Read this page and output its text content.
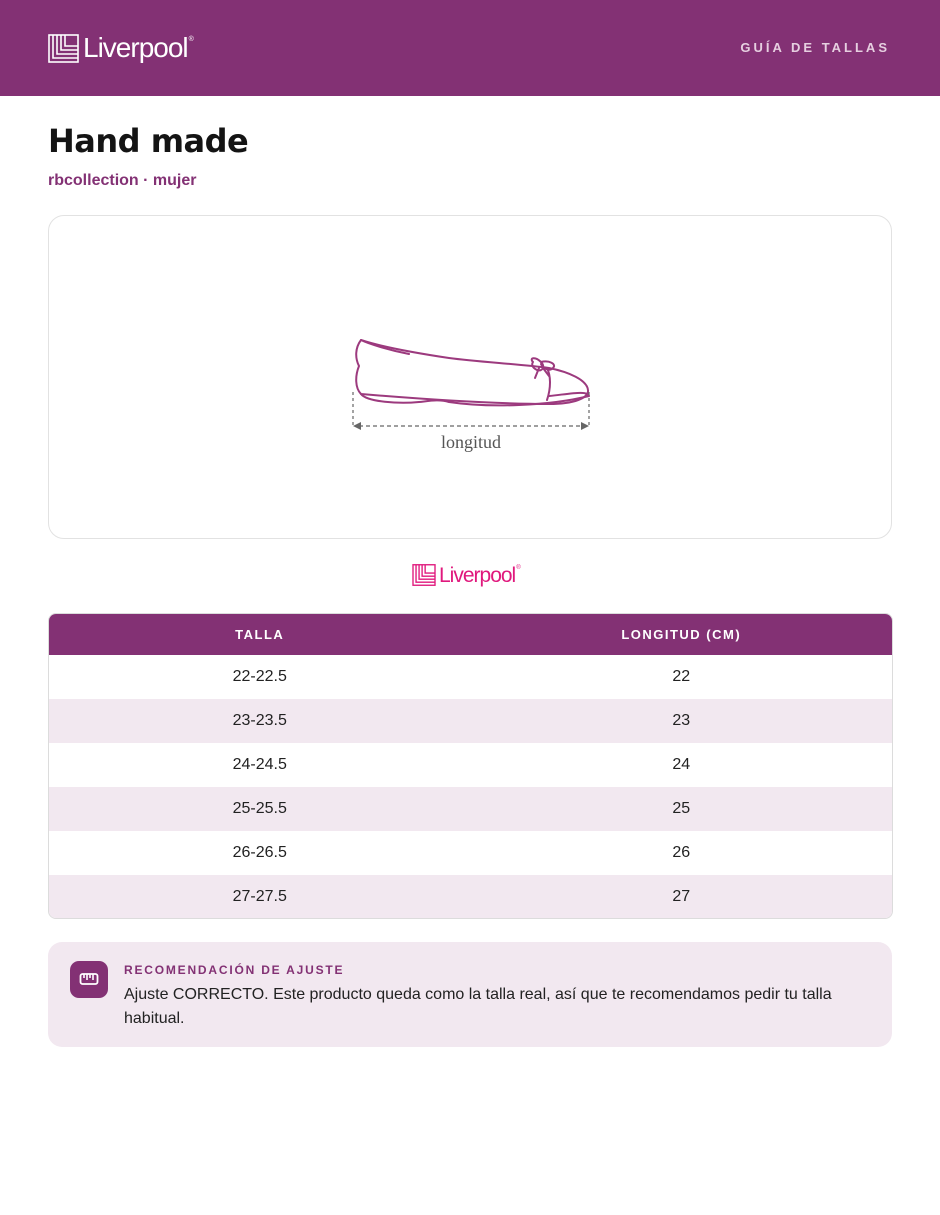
Liverpool ®
GUÍA DE TALLAS
Hand made
rbcollection · mujer
longitud
Liverpool ®
TALLA	LONGITUD (CM)
22-22.5	22
23-23.5	23
24-24.5	24
25-25.5	25
26-26.5	26
27-27.5	27
RECOMENDACIÓN DE AJUSTE
Ajuste CORRECTO. Este producto queda como la talla real, así que te recomendamos pedir tu talla habitual.
